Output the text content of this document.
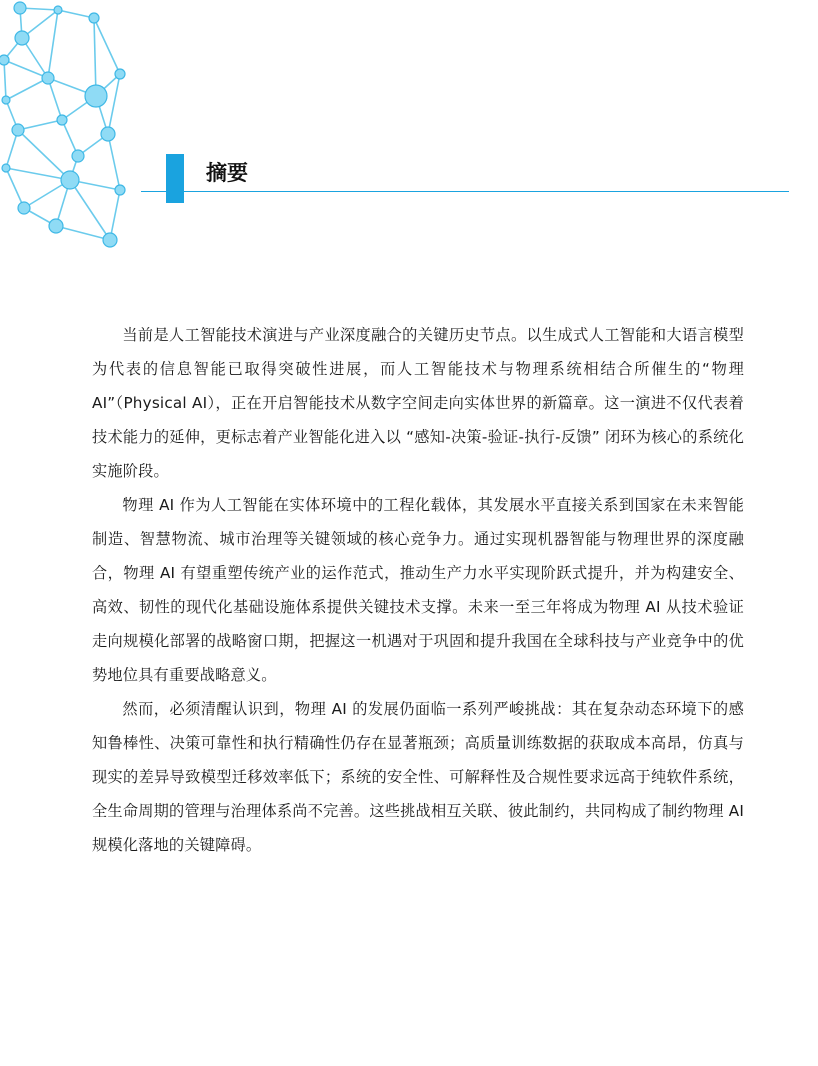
摘要

当前是人工智能技术演进与产业深度融合的关键历史节点。以生成式人工智能和大语言模型为代表的信息智能已取得突破性进展，而人工智能技术与物理系统相结合所催生的“物理 AI”（Physical AI），正在开启智能技术从数字空间走向实体世界的新篇章。这一演进不仅代表着技术能力的延伸，更标志着产业智能化进入以 “感知-决策-验证-执行-反馈” 闭环为核心的系统化实施阶段。

物理 AI 作为人工智能在实体环境中的工程化载体，其发展水平直接关系到国家在未来智能制造、智慧物流、城市治理等关键领域的核心竞争力。通过实现机器智能与物理世界的深度融合，物理 AI 有望重塑传统产业的运作范式，推动生产力水平实现阶跃式提升，并为构建安全、高效、韧性的现代化基础设施体系提供关键技术支撑。未来一至三年将成为物理 AI 从技术验证走向规模化部署的战略窗口期，把握这一机遇对于巩固和提升我国在全球科技与产业竞争中的优势地位具有重要战略意义。

然而，必须清醒认识到，物理 AI 的发展仍面临一系列严峻挑战：其在复杂动态环境下的感知鲁棒性、决策可靠性和执行精确性仍存在显著瓶颈；高质量训练数据的获取成本高昂，仿真与现实的差异导致模型迁移效率低下；系统的安全性、可解释性及合规性要求远高于纯软件系统，全生命周期的管理与治理体系尚不完善。这些挑战相互关联、彼此制约，共同构成了制约物理 AI 规模化落地的关键障碍。
